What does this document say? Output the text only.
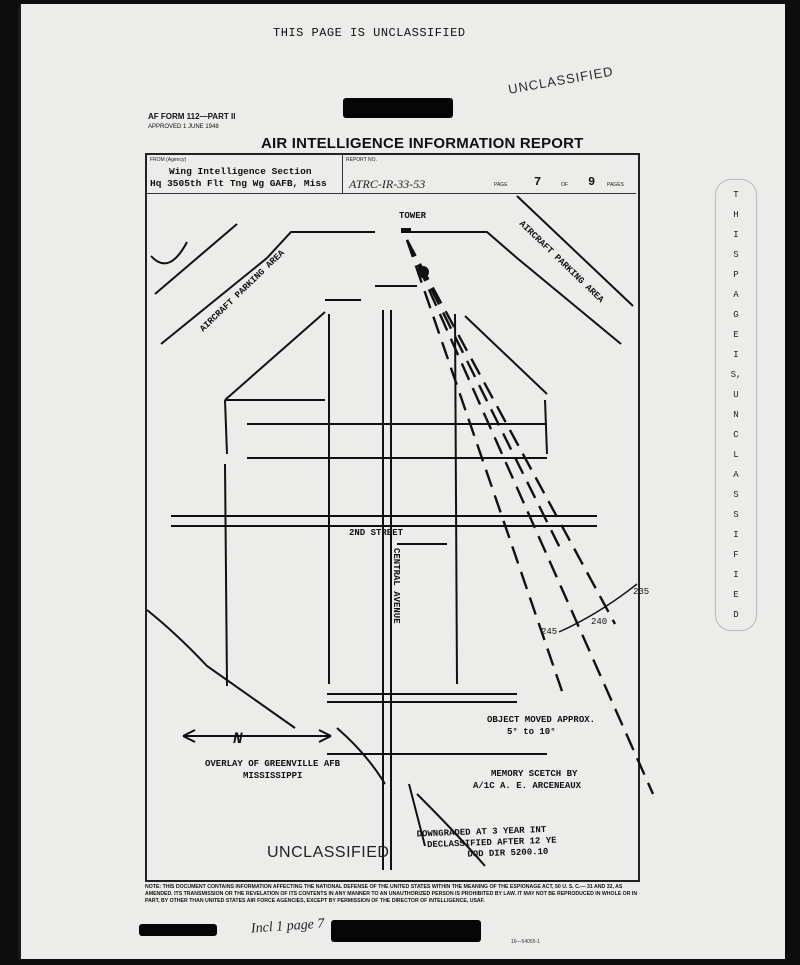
THIS PAGE IS UNCLASSIFIED
AF FORM 112—PART II
APPROVED 1 JUNE 1948
UNCLASSIFIED
AIR INTELLIGENCE INFORMATION REPORT
FROM (Agency)
Wing Intelligence Section
Hq 3505th Flt Tng Wg GAFB, Miss
REPORT NO.
ATRC-IR-33-53	PAGE 7	OF 9 PAGES
TOWER
AIRCRAFT PARKING AREA	AIRCRAFT PARKING AREA
2ND STREET
CENTRAL AVENUE
245
240
235
OBJECT MOVED APPROX.
5° to 10°
N
OVERLAY OF GREENVILLE AFB
MISSISSIPPI	MEMORY SCETCH BY
A/1C A. E. ARCENEAUX
UNCLASSIFIED
DOWNGRADED AT 3 YEAR INT
DECLASSIFIED AFTER 12 YE
DOD DIR 5200.10
T
H
I
S
P
A
G
E
I
S,
U
N
C
L
A
S
S
I
F
I
E
D
NOTE: THIS DOCUMENT CONTAINS INFORMATION AFFECTING THE NATIONAL DEFENSE OF THE UNITED STATES WITHIN THE MEANING OF THE ESPIONAGE ACT, 50 U. S. C.— 31 AND 32, AS AMENDED. ITS TRANSMISSION OR THE REVELATION OF ITS CONTENTS IN ANY MANNER TO AN UNAUTHORIZED PERSON IS PROHIBITED BY LAW. IT MAY NOT BE REPRODUCED IN WHOLE OR IN PART, BY OTHER THAN UNITED STATES AIR FORCE AGENCIES, EXCEPT BY PERMISSION OF THE DIRECTOR OF INTELLIGENCE, USAF.
Incl 1 page 7
16—54055-1
